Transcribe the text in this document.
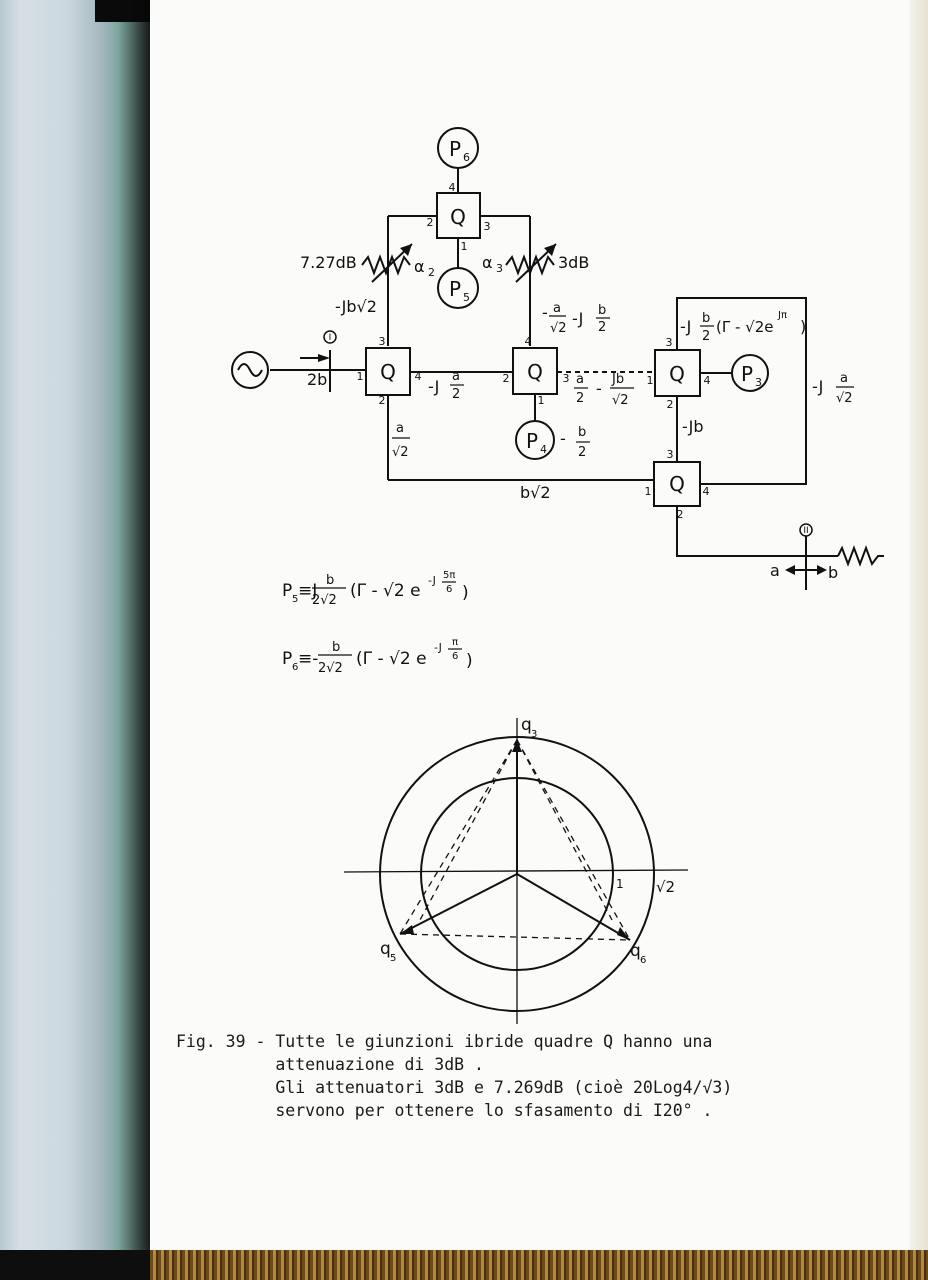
Q
Q	Q	Q
Q
4
2	3
1
3
1	4
2
4
2	3
1
3
1	4
2
3
1	4
2
P 6
P 5
P 4
P 3
I
II
7.27dB	α 2
α 3	3dB
2b
-Jb√2
-J
a
2
- a
√2
-J b
2
a
√2
a
2
- Jb
√2
- b
2
-Jb
b√2
-J b
2
(Γ - √2e
Jπ
)
-J a
√2
a	b
P 5 ≡J
b
2√2 (Γ - √2 e
-J 5π
6 )
P 6 ≡-
b
2√2 (Γ - √2 e
-J π
6 )
q 3
q 5	q 6
1 √2
Fig. 39 - Tutte le giunzioni ibride quadre Q hanno una
attenuazione di 3dB .
Gli attenuatori 3dB e 7.269dB (cioè 20Log4/√3)
servono per ottenere lo sfasamento di I20° .
